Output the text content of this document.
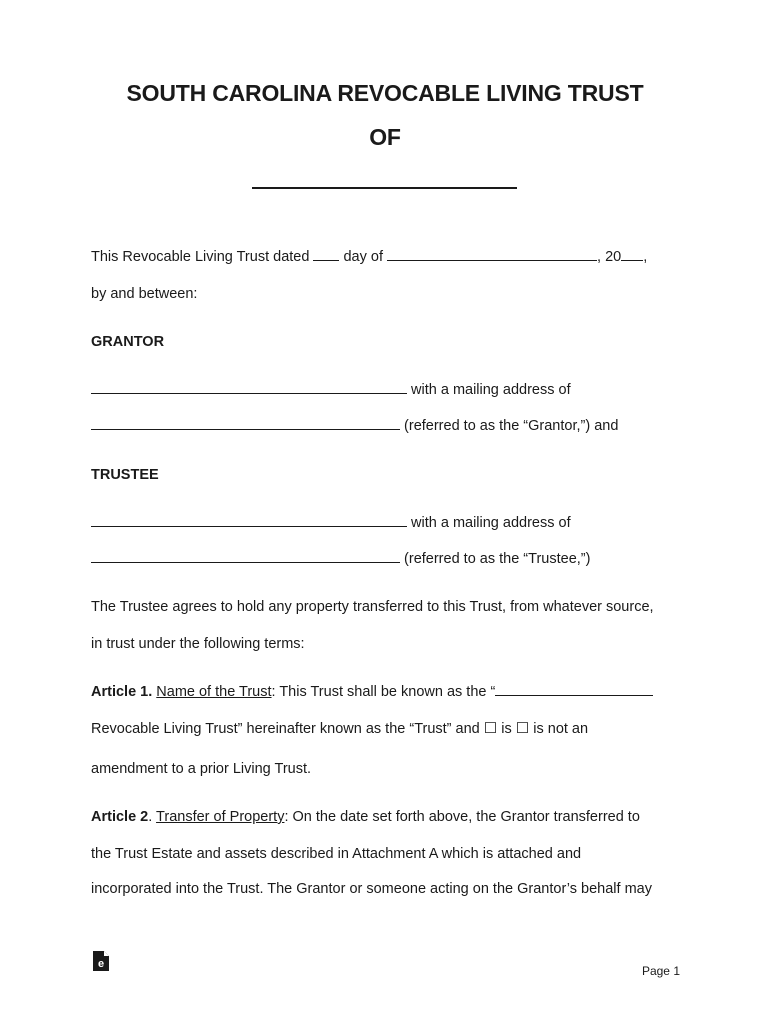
SOUTH CAROLINA REVOCABLE LIVING TRUST
OF
This Revocable Living Trust dated day of	, 20 ,
by and between:
GRANTOR
with a mailing address of
(referred to as the “Grantor,”) and
TRUSTEE
with a mailing address of
(referred to as the “Trustee,”)
The Trustee agrees to hold any property transferred to this Trust, from whatever source,
in trust under the following terms:
Article 1. Name of the Trust: This Trust shall be known as the “
Revocable Living Trust” hereinafter known as the “Trust” and ☐ is ☐ is not an
amendment to a prior Living Trust.
Article 2. Transfer of Property: On the date set forth above, the Grantor transferred to
the Trust Estate and assets described in Attachment A which is attached and
incorporated into the Trust. The Grantor or someone acting on the Grantor’s behalf may
e	Page 1
